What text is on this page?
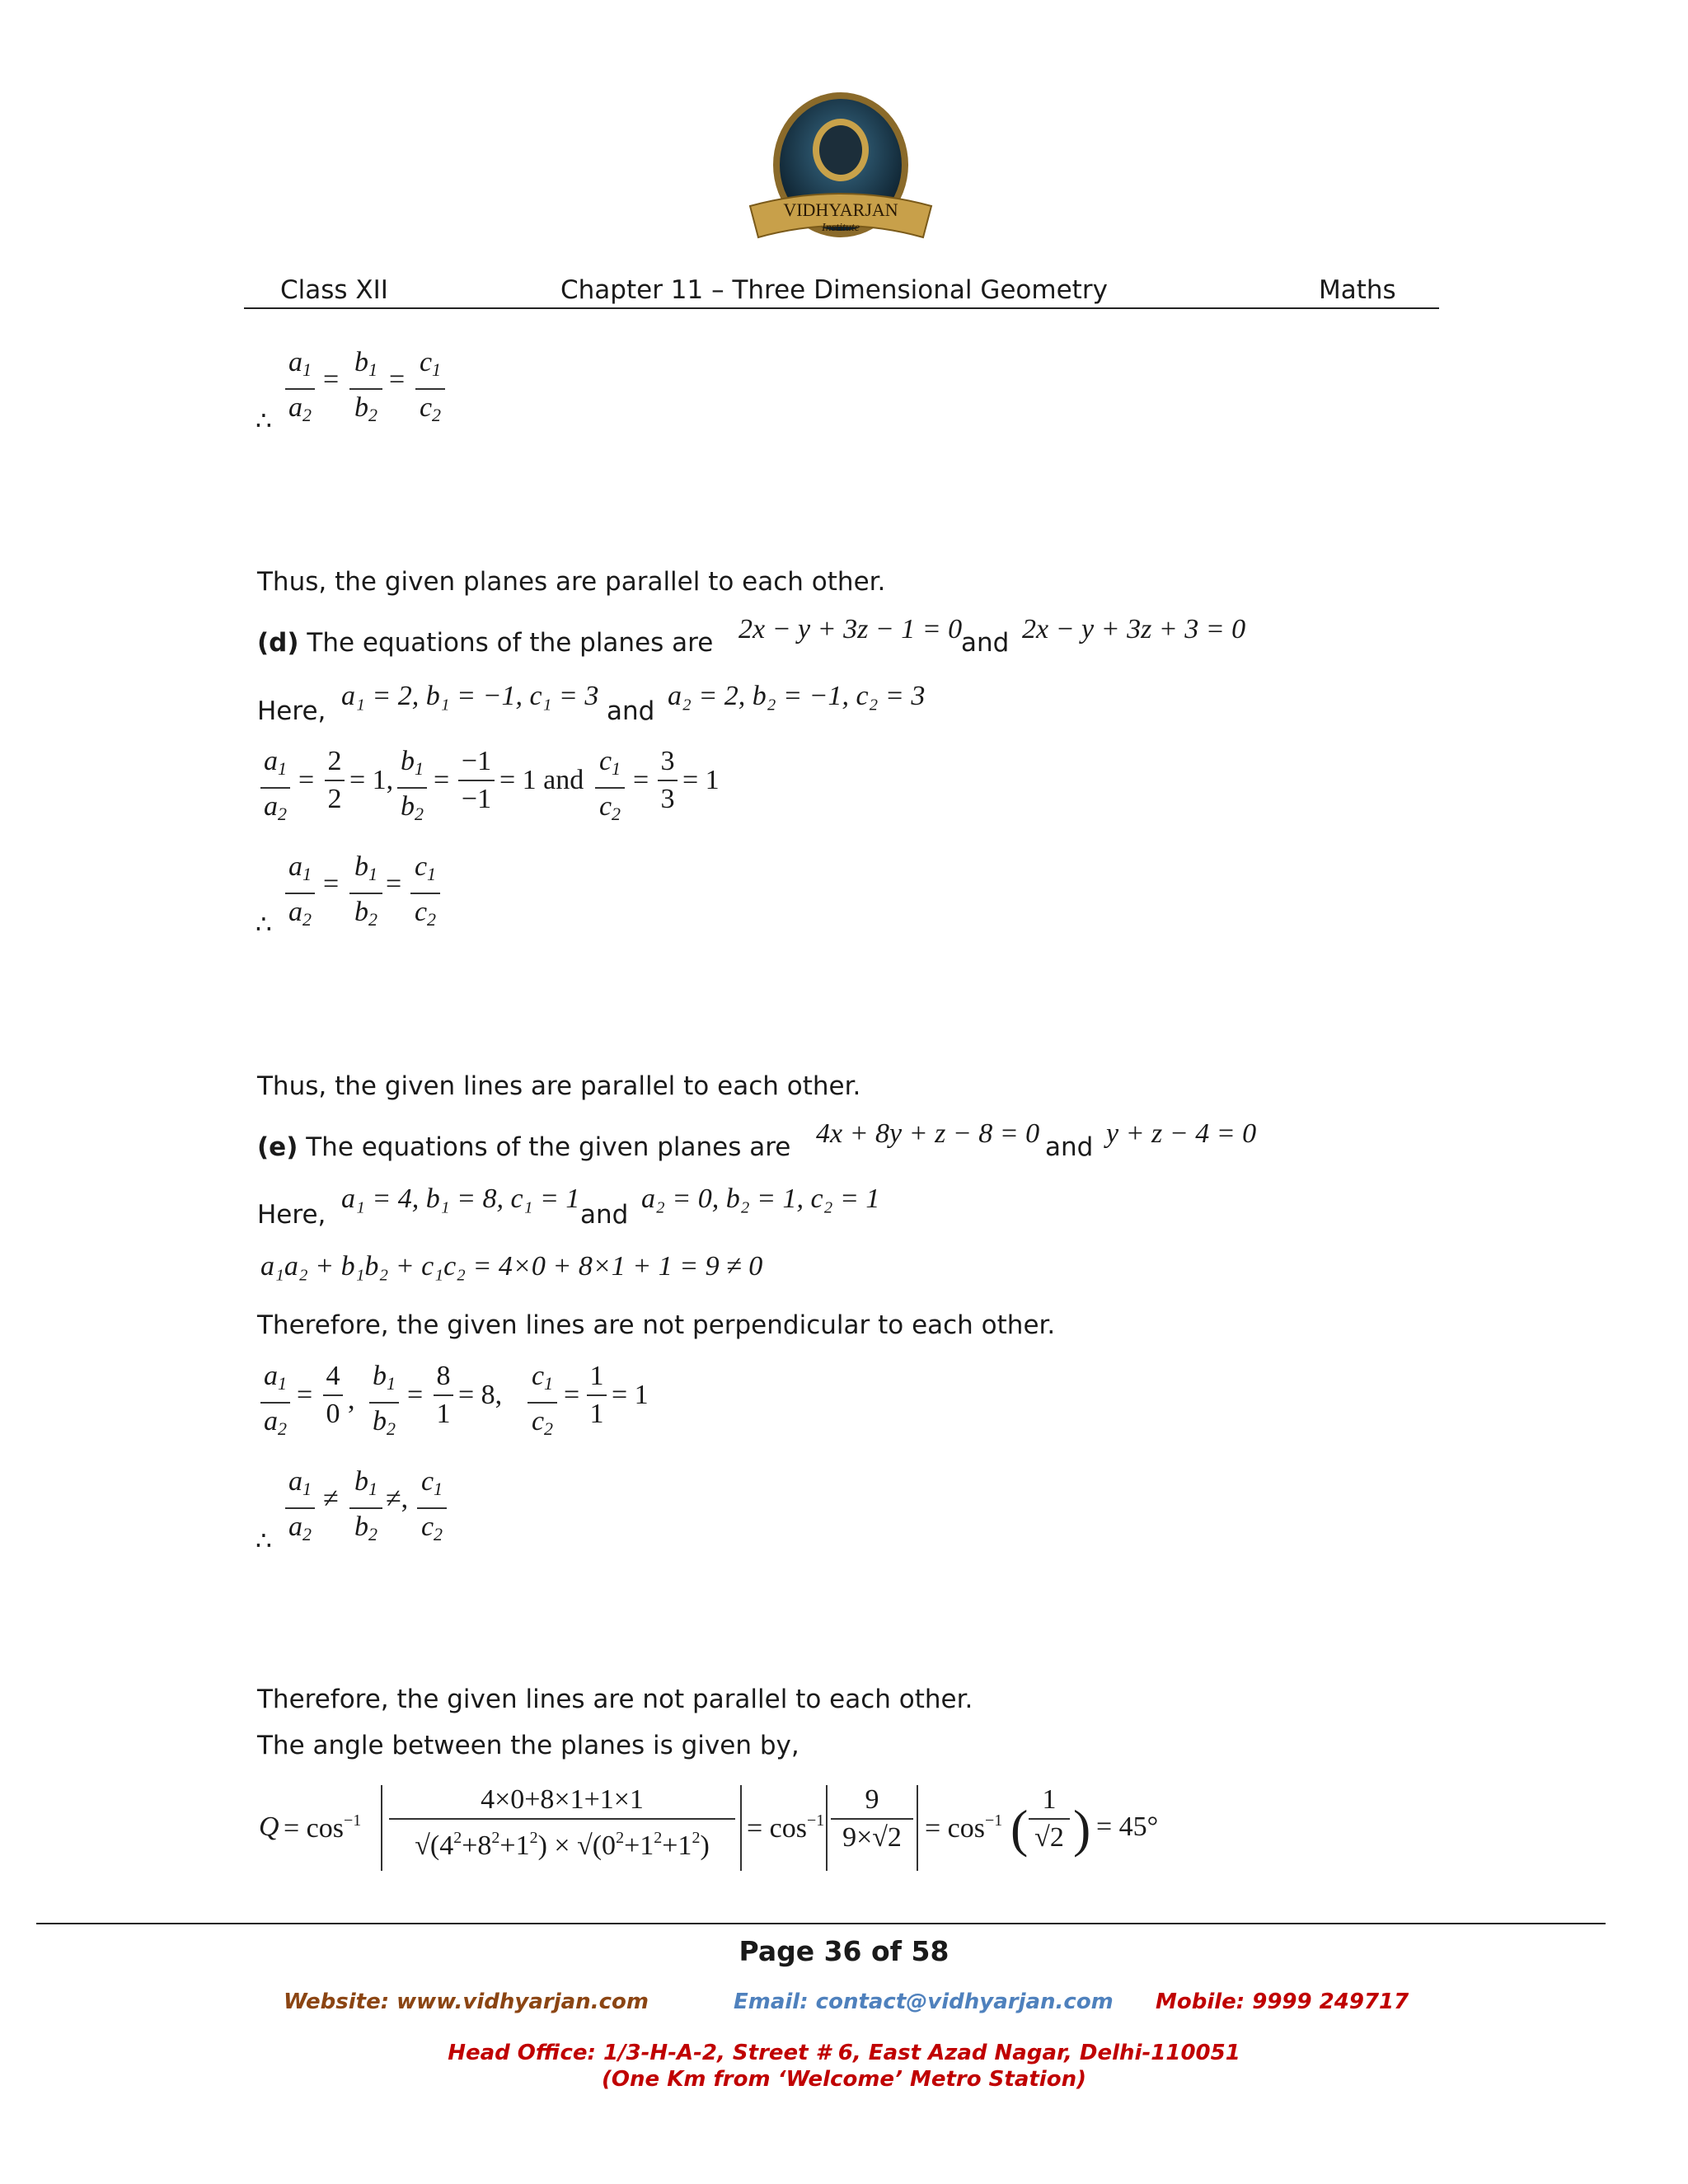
VIDHYARJAN
Institute
Class XII	Chapter 11 – Three Dimensional Geometry	Maths
∴
$a_1$
$a_2$
=
$b_1$
$b_2$
=
$c_1$
$c_2$
Thus, the given planes are parallel to each other.
(d) The equations of the planes are 2x − y + 3z − 1 = 0
and 2x − y + 3z + 3 = 0
Here, a₁ = 2, b₁ = −1, c₁ = 3 and a₂ = 2, b₂ = −1, c₂ = 3
$a_1$
$a_2$
=
2
2
= 1,
$b_1$
$b_2$
=
−1
−1
= 1 and
$c_1$
$c_2$
=
3
3
= 1
∴
$a_1$
$a_2$
=
$b_1$
$b_2$
=
$c_1$
$c_2$
Thus, the given lines are parallel to each other.
(e) The equations of the given planes are 4x + 8y + z − 8 = 0 and y + z − 4 = 0
Here,
a₁ = 4, b₁ = 8, c₁ = 1
and
a₂ = 0, b₂ = 1, c₂ = 1
a₁a₂ + b₁b₂ + c₁c₂ = 4×0 + 8×1 + 1 = 9 ≠ 0
Therefore, the given lines are not perpendicular to each other.
$a_1$
$a_2$
=
4
0 ,
$b_1$
$b_2$
=
8
1
= 8,
$c_1$
$c_2$
=
1
1
= 1
∴
$a_1$
$a_2$
≠
$b_1$
$b_2$
≠,
$c_1$
$c_2$
Therefore, the given lines are not parallel to each other.
The angle between the planes is given by,
$Q = \cos^{-1}$
4×0+8×1+1×1
$√(4^2+8^2+1^2) \times √(0^2+1^2+1^2)$
= $\cos^{-1}$
9
$9\times√2 = \cos^{-1}$ ( 1
√2 ) = 45°
Page 36 of 58
Website: www.vidhyarjan.com	Email: contact@vidhyarjan.com Mobile: 9999 249717
Head Office: 1/3-H-A-2, Street # 6, East Azad Nagar, Delhi-110051
(One Km from ‘Welcome’ Metro Station)
